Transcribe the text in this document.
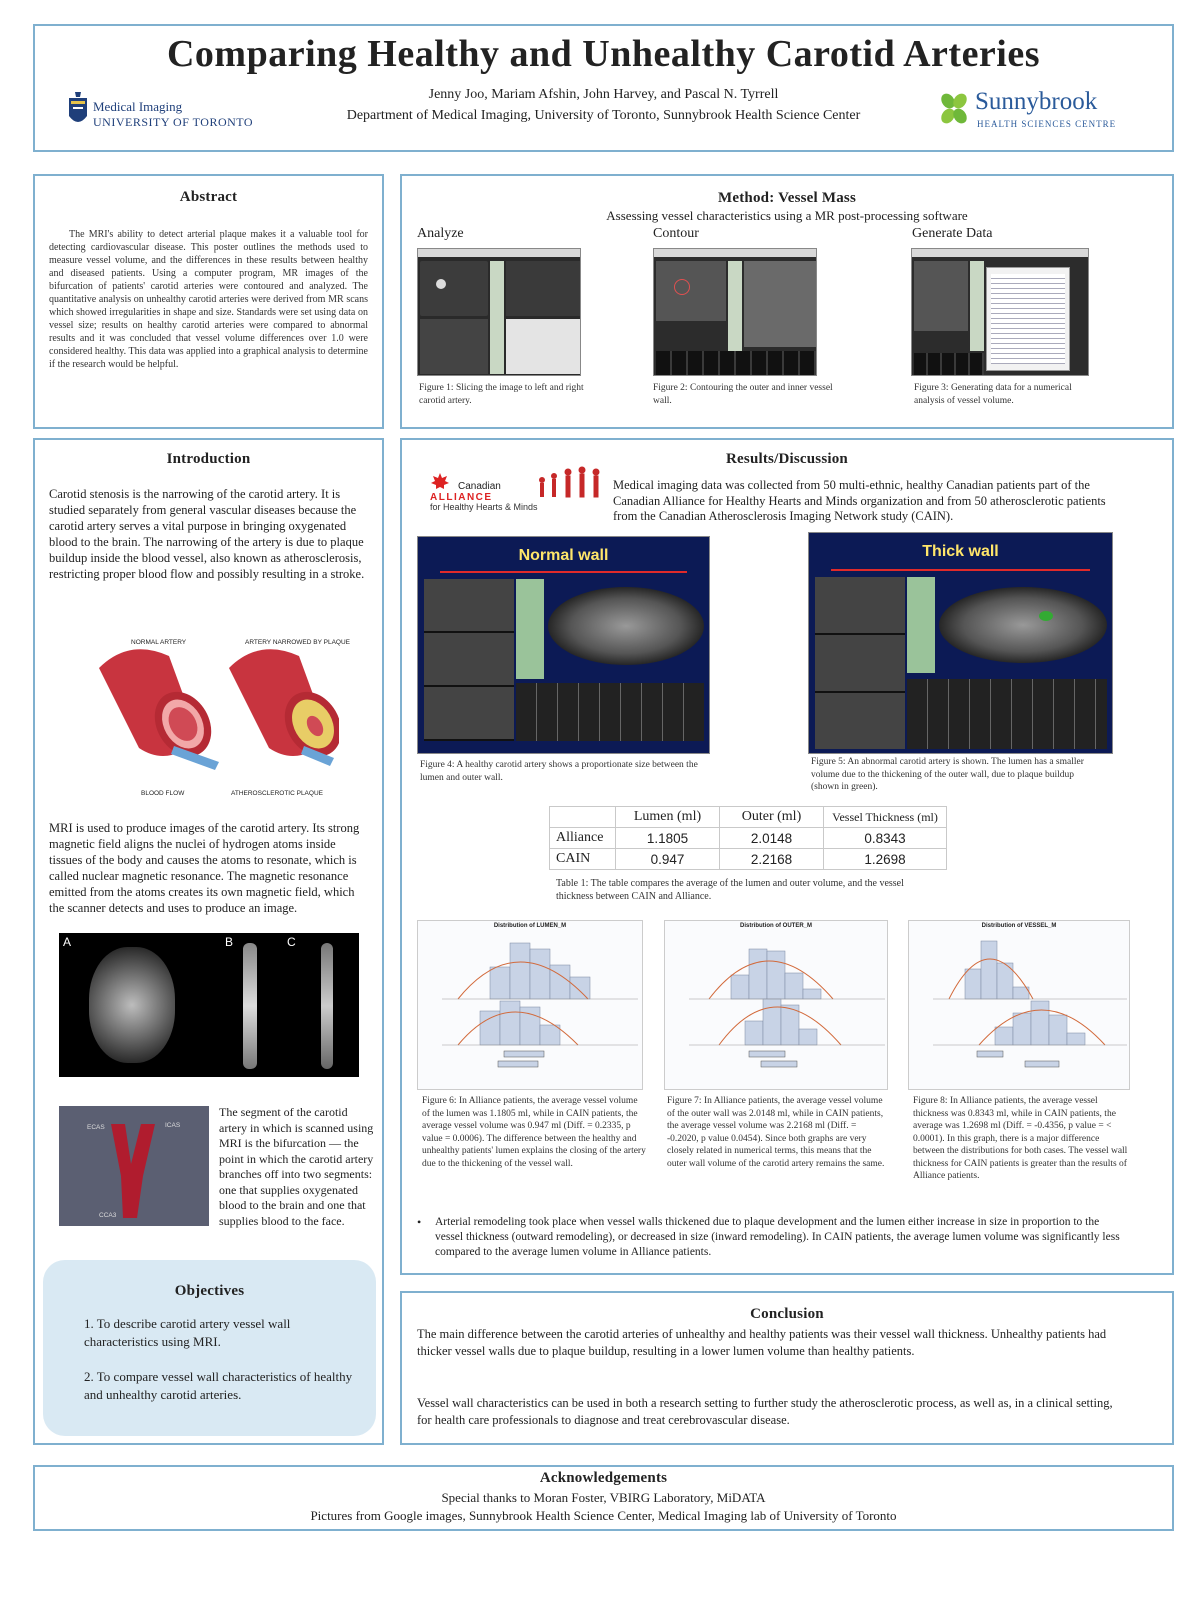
Comparing Healthy and Unhealthy Carotid Arteries
Jenny Joo, Mariam Afshin, John Harvey, and Pascal N. Tyrrell
Department of Medical Imaging, University of Toronto, Sunnybrook Health Science Center
Medical Imaging
UNIVERSITY OF TORONTO
Sunnybrook
HEALTH SCIENCES CENTRE
Abstract
The MRI's ability to detect arterial plaque makes it a valuable tool for detecting cardiovascular disease. This poster outlines the methods used to measure vessel volume, and the differences in these results between healthy and diseased patients. Using a computer program, MR images of the bifurcation of patients' carotid arteries were contoured and analyzed. The quantitative analysis on unhealthy carotid arteries were derived from MR scans which showed irregularities in shape and size. Standards were set using data on vessel size; results on healthy carotid arteries were compared to abnormal results and it was concluded that vessel volume differences over 1.0 were considered healthy. This data was applied into a graphical analysis to determine if the research would be helpful.
Method: Vessel Mass
Assessing vessel characteristics using a MR post-processing software
Analyze	Contour	Generate Data
Figure 1: Slicing the image to left and right carotid artery.
Figure 2: Contouring the outer and inner vessel wall.
Figure 3: Generating data for a numerical analysis of vessel volume.
Introduction
Carotid stenosis is the narrowing of the carotid artery. It is studied separately from general vascular diseases because the carotid artery serves a vital purpose in bringing oxygenated blood to the brain. The narrowing of the artery is due to plaque buildup inside the blood vessel, also known as atherosclerosis, restricting proper blood flow and possibly resulting in a stroke.
NORMAL ARTERY	ARTERY NARROWED BY PLAQUE
BLOOD FLOW	ATHEROSCLEROTIC PLAQUE
MRI is used to produce images of the carotid artery. Its strong magnetic field aligns the nuclei of hydrogen atoms inside tissues of the body and causes the atoms to resonate, which is called nuclear magnetic resonance. The magnetic resonance emitted from the atoms creates its own magnetic field, which the scanner detects and uses to produce an image.
A	B	C
ECAS	ICAS
CCA3
The segment of the carotid artery in which is scanned using MRI is the bifurcation — the point in which the carotid artery branches off into two segments: one that supplies oxygenated blood to the brain and one that supplies blood to the face.
Objectives
1. To describe carotid artery vessel wall characteristics using MRI.
2. To compare vessel wall characteristics of healthy and unhealthy carotid arteries.
Results/Discussion
Canadian
ALLIANCE
for Healthy Hearts & Minds
Medical imaging data was collected from 50 multi-ethnic, healthy Canadian patients part of the Canadian Alliance for Healthy Hearts and Minds organization and from 50 atherosclerotic patients from the Canadian Atherosclerosis Imaging Network study (CAIN).
Normal wall
Figure 4: A healthy carotid artery shows a proportionate size between the lumen and outer wall.
Thick wall
Figure 5: An abnormal carotid artery is shown. The lumen has a smaller volume due to the thickening of the outer wall, due to plaque buildup (shown in green).
	Lumen (ml)	Outer (ml)	Vessel Thickness (ml)
Alliance	1.1805	2.0148	0.8343
CAIN	0.947	2.2168	1.2698
Table 1: The table compares the average of the lumen and outer volume, and the vessel thickness between CAIN and Alliance.
Distribution of LUMEN_M	Distribution of OUTER_M	Distribution of VESSEL_M
Figure 6: In Alliance patients, the average vessel volume of the lumen was 1.1805 ml, while in CAIN patients, the average vessel volume was 0.947 ml (Diff. = 0.2335, p value = 0.0006). The difference between the healthy and unhealthy patients' lumen explains the closing of the artery due to the thickening of the vessel wall.
Figure 7: In Alliance patients, the average vessel volume of the outer wall was 2.0148 ml, while in CAIN patients, the average vessel volume was 2.2168 ml (Diff. = -0.2020, p value 0.0454). Since both graphs are very closely related in numerical terms, this means that the outer wall volume of the carotid artery remains the same.
Figure 8: In Alliance patients, the average vessel thickness was 0.8343 ml, while in CAIN patients, the average was 1.2698 ml (Diff. = -0.4356, p value = < 0.0001). In this graph, there is a major difference between the distributions for both cases. The vessel wall thickness for CAIN patients is greater than the results of Alliance patients.
• Arterial remodeling took place when vessel walls thickened due to plaque development and the lumen either increase in size in proportion to the vessel thickness (outward remodeling), or decreased in size (inward remodeling). In CAIN patients, the average lumen volume was significantly less compared to the average lumen volume in Alliance patients.
Conclusion
The main difference between the carotid arteries of unhealthy and healthy patients was their vessel wall thickness. Unhealthy patients had thicker vessel walls due to plaque buildup, resulting in a lower lumen volume than healthy patients.
Vessel wall characteristics can be used in both a research setting to further study the atherosclerotic process, as well as, in a clinical setting, for health care professionals to diagnose and treat cerebrovascular disease.
Acknowledgements
Special thanks to Moran Foster, VBIRG Laboratory, MiDATA
Pictures from Google images, Sunnybrook Health Science Center, Medical Imaging lab of University of Toronto
